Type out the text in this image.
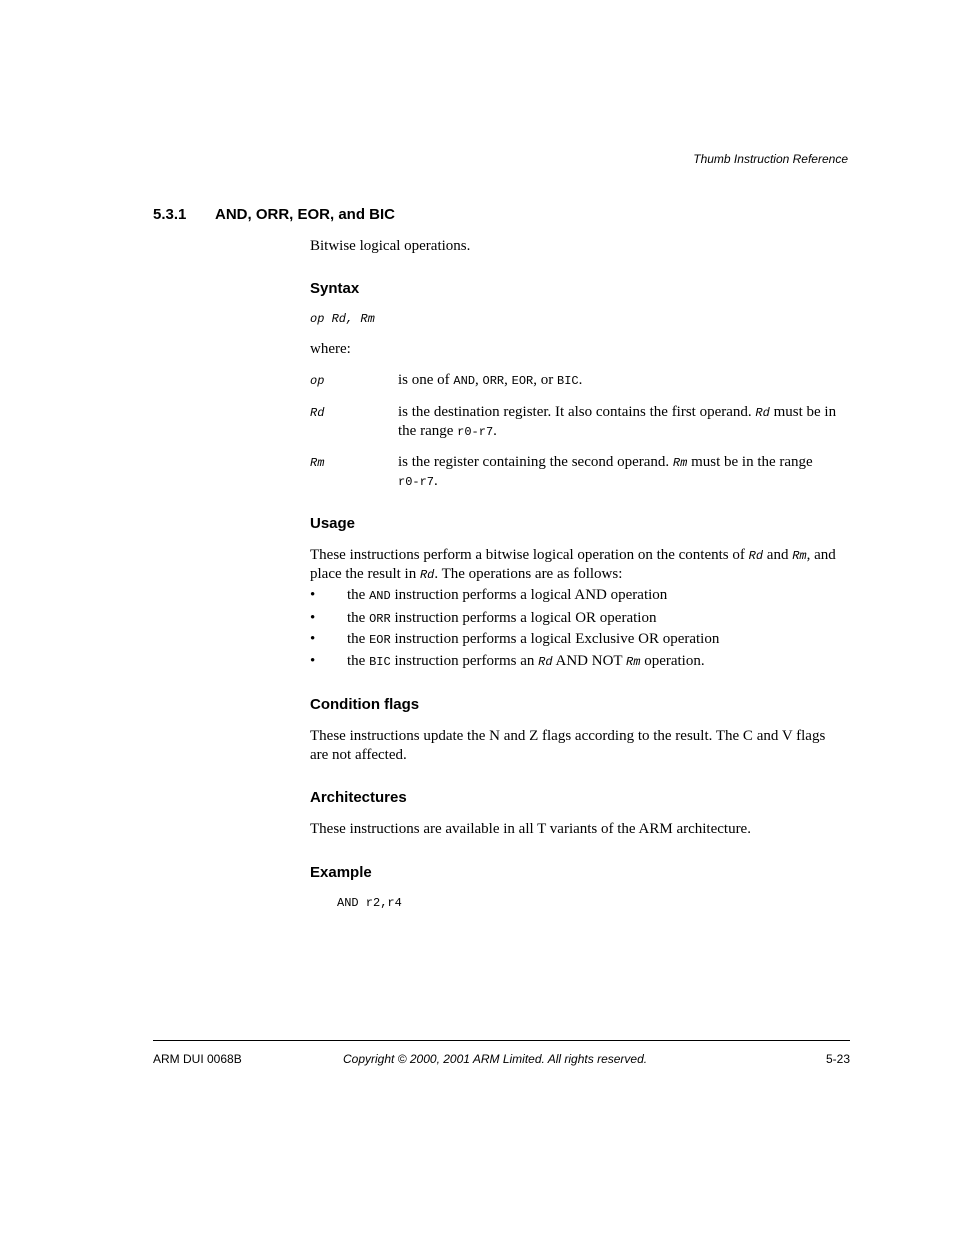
Thumb Instruction Reference
5.3.1 AND, ORR, EOR, and BIC
Bitwise logical operations.
Syntax
op Rd, Rm
where:
op	is one of AND, ORR, EOR, or BIC.
Rd	is the destination register. It also contains the first operand. Rd must be in
the range r0-r7.
Rm	is the register containing the second operand. Rm must be in the range
r0-r7.
Usage
These instructions perform a bitwise logical operation on the contents of Rd and Rm, and
place the result in Rd. The operations are as follows:
• the AND instruction performs a logical AND operation
• the ORR instruction performs a logical OR operation
• the EOR instruction performs a logical Exclusive OR operation
• the BIC instruction performs an Rd AND NOT Rm operation.
Condition flags
These instructions update the N and Z flags according to the result. The C and V flags
are not affected.
Architectures
These instructions are available in all T variants of the ARM architecture.
Example
AND r2,r4
ARM DUI 0068B	Copyright © 2000, 2001 ARM Limited. All rights reserved.	5-23
